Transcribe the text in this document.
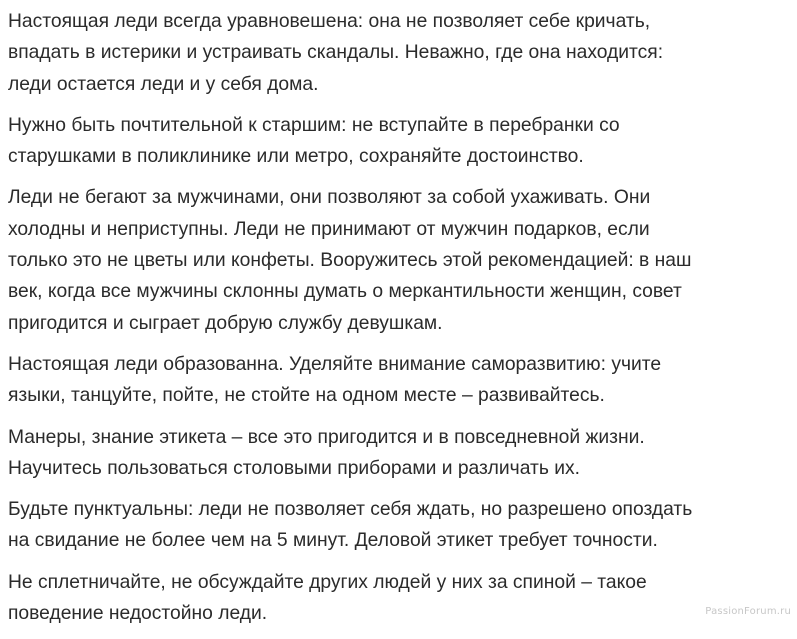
Настоящая леди всегда уравновешена: она не позволяет себе кричать,
впадать в истерики и устраивать скандалы. Неважно, где она находится:
леди остается леди и у себя дома.

Нужно быть почтительной к старшим: не вступайте в перебранки со
старушками в поликлинике или метро, сохраняйте достоинство.

Леди не бегают за мужчинами, они позволяют за собой ухаживать. Они
холодны и неприступны. Леди не принимают от мужчин подарков, если
только это не цветы или конфеты. Вооружитесь этой рекомендацией: в наш
век, когда все мужчины склонны думать о меркантильности женщин, совет
пригодится и сыграет добрую службу девушкам.

Настоящая леди образованна. Уделяйте внимание саморазвитию: учите
языки, танцуйте, пойте, не стойте на одном месте – развивайтесь.

Манеры, знание этикета – все это пригодится и в повседневной жизни.
Научитесь пользоваться столовыми приборами и различать их.

Будьте пунктуальны: леди не позволяет себя ждать, но разрешено опоздать
на свидание не более чем на 5 минут. Деловой этикет требует точности.

Не сплетничайте, не обсуждайте других людей у них за спиной – такое
поведение недостойно леди.	PassionForum.ru
